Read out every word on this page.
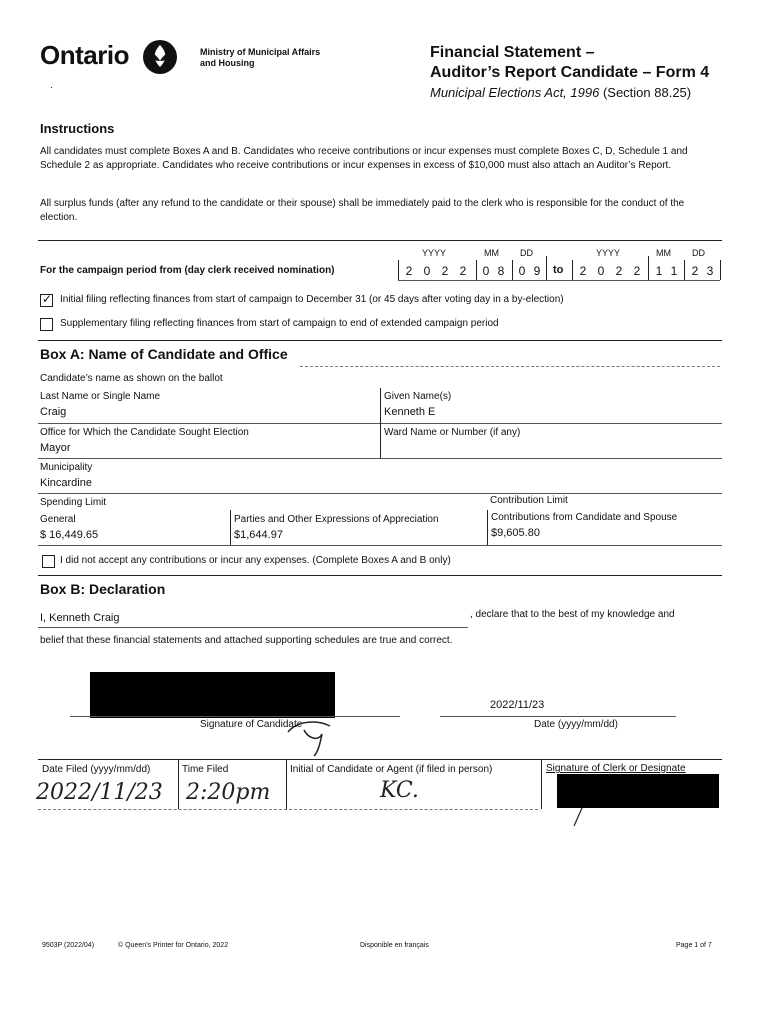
Ontario	Ministry of Municipal Affairs
and Housing
·
Financial Statement –
Auditor’s Report Candidate – Form 4
Municipal Elections Act, 1996 (Section 88.25)
Instructions
All candidates must complete Boxes A and B. Candidates who receive contributions or incur expenses must complete Boxes C, D, Schedule 1 and Schedule 2 as appropriate. Candidates who receive contributions or incur expenses in excess of $10,000 must also attach an Auditor’s Report.
All surplus funds (after any refund to the candidate or their spouse) shall be immediately paid to the clerk who is responsible for the conduct of the election.
YYYY	MM DD	YYYY	MM DD
For the campaign period from (day clerk received nomination)	2 0 2 2	0 8	0 9	to	2 0 2 2	1 1	2 3
✓ Initial filing reflecting finances from start of campaign to December 31 (or 45 days after voting day in a by-election)
Supplementary filing reflecting finances from start of campaign to end of extended campaign period
Box A: Name of Candidate and Office
Candidate’s name as shown on the ballot
Last Name or Single Name
Craig
Given Name(s)
Kenneth E
Office for Which the Candidate Sought Election
Mayor
Ward Name or Number (if any)
Municipality
Kincardine
Spending Limit	Contribution Limit
General
$ 16,449.65
Parties and Other Expressions of Appreciation
$1,644.97
Contributions from Candidate and Spouse
$9,605.80
I did not accept any contributions or incur any expenses. (Complete Boxes A and B only)
Box B: Declaration
I, Kenneth Craig	, declare that to the best of my knowledge and
belief that these financial statements and attached supporting schedules are true and correct.
Signature of Candidate
2022/11/23
Date (yyyy/mm/dd)
Date Filed (yyyy/mm/dd)
2022/11/23
Time Filed
2:20pm
Initial of Candidate or Agent (if filed in person)
KC.
Signature of Clerk or Designate
9503P (2022/04)	© Queen’s Printer for Ontario, 2022	Disponible en français	Page 1 of 7
